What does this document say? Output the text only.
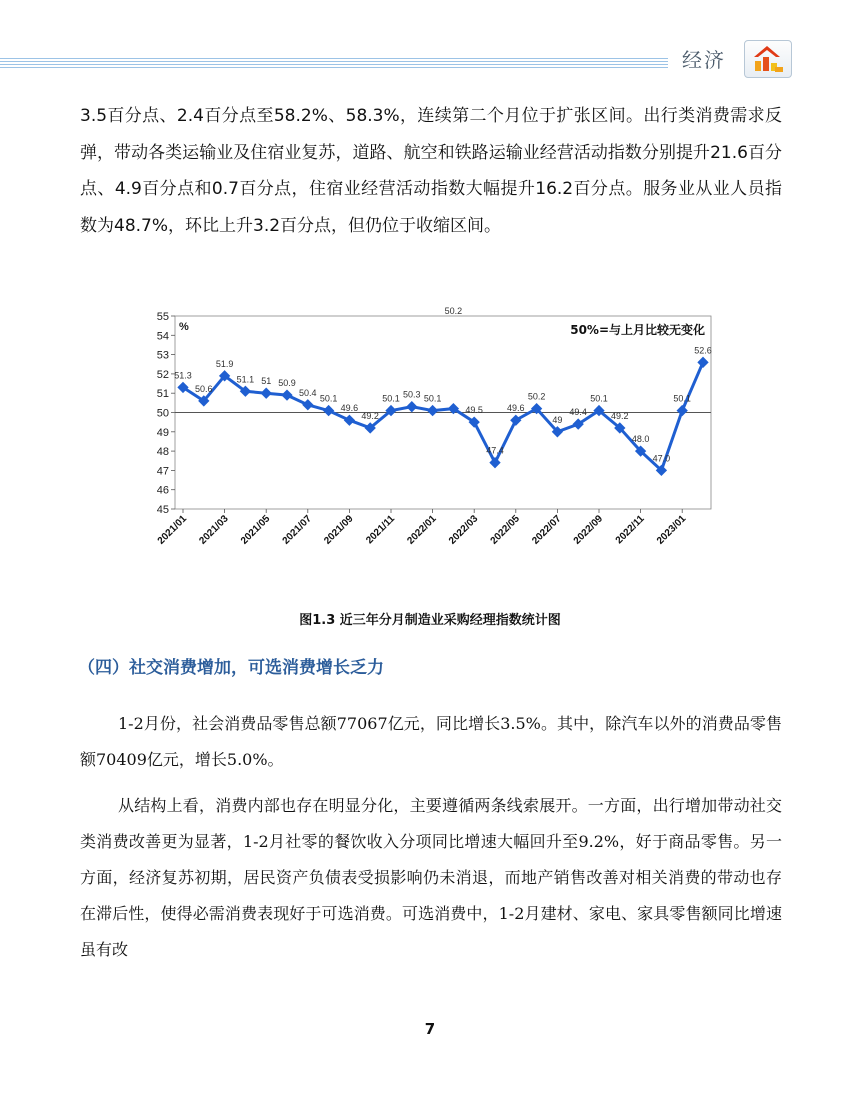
经济

3.5百分点、2.4百分点至58.2%、58.3%，连续第二个月位于扩张区间。出行类消费需求反弹，带动各类运输业及住宿业复苏，道路、航空和铁路运输业经营活动指数分别提升21.6百分点、4.9百分点和0.7百分点，住宿业经营活动指数大幅提升16.2百分点。服务业从业人员指数为48.7%，环比上升3.2百分点，但仍位于收缩区间。

45
46
47
48
49
50
51
52
53
54
55
%	50%=与上月比较无变化
2021/01 2021/03 2021/05 2021/07 2021/09 2021/11 2022/01 2022/03 2022/05 2022/07 2022/09 2022/11 2023/01
51.3
50.6
51.9
51.1 51 50.9
50.4
50.1
49.6
49.2
50.1 50.3 50.1
50.2
49.5
47.4
49.6
50.2
49
49.4
50.1
49.2
48.0
47.0
50.1
52.6
图1.3 近三年分月制造业采购经理指数统计图
（四）社交消费增加，可选消费增长乏力

1-2月份，社会消费品零售总额77067亿元，同比增长3.5%。其中，除汽车以外的消费品零售额70409亿元，增长5.0%。

从结构上看，消费内部也存在明显分化，主要遵循两条线索展开。一方面，出行增加带动社交类消费改善更为显著，1-2月社零的餐饮收入分项同比增速大幅回升至9.2%，好于商品零售。另一方面，经济复苏初期，居民资产负债表受损影响仍未消退，而地产销售改善对相关消费的带动也存在滞后性，使得必需消费表现好于可选消费。可选消费中，1-2月建材、家电、家具零售额同比增速虽有改

7
